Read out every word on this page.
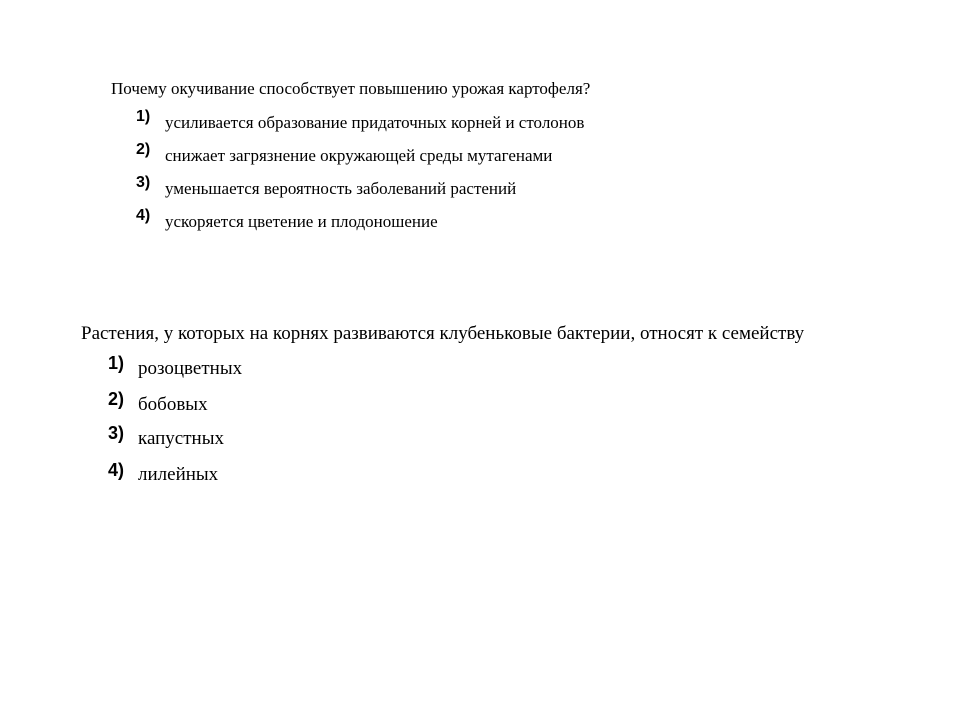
Почему окучивание способствует повышению урожая картофеля?
1) усиливается образование придаточных корней и столонов
2) снижает загрязнение окружающей среды мутагенами
3) уменьшается вероятность заболеваний растений
4) ускоряется цветение и плодоношение
Растения, у которых на корнях развиваются клубеньковые бактерии, относят к семейству
1) розоцветных
2) бобовых
3) капустных
4) лилейных
